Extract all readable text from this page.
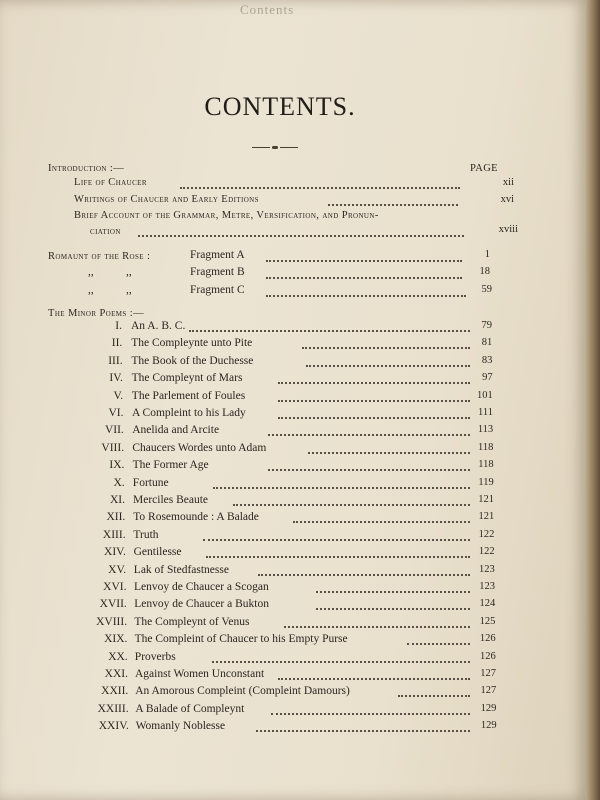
Contents
CONTENTS.
Introduction :—	PAGE
Life of Chaucer	xii
Writings of Chaucer and Early Editions	xvi
Brief Account of the Grammar, Metre, Versification, and Pronun-
ciation	xviii
Romaunt of the Rose :	Fragment A	1
,,	,,	Fragment B	18
,,	,,	Fragment C	59
The Minor Poems :—
I. An A. B. C.	79
II. The Compleynte unto Pite	81
III. The Book of the Duchesse	83
IV. The Compleynt of Mars	97
V. The Parlement of Foules	101
VI. A Compleint to his Lady	111
VII. Anelida and Arcite	113
VIII. Chaucers Wordes unto Adam	118
IX. The Former Age	118
X. Fortune	119
XI. Merciles Beaute	121
XII. To Rosemounde : A Balade	121
XIII. Truth	122
XIV. Gentilesse	122
XV. Lak of Stedfastnesse	123
XVI. Lenvoy de Chaucer a Scogan	123
XVII. Lenvoy de Chaucer a Bukton	124
XVIII. The Compleynt of Venus	125
XIX. The Compleint of Chaucer to his Empty Purse	126
XX. Proverbs	126
XXI. Against Women Unconstant	127
XXII. An Amorous Compleint (Compleint Damours)	127
XXIII. A Balade of Compleynt	129
XXIV. Womanly Noblesse	129
